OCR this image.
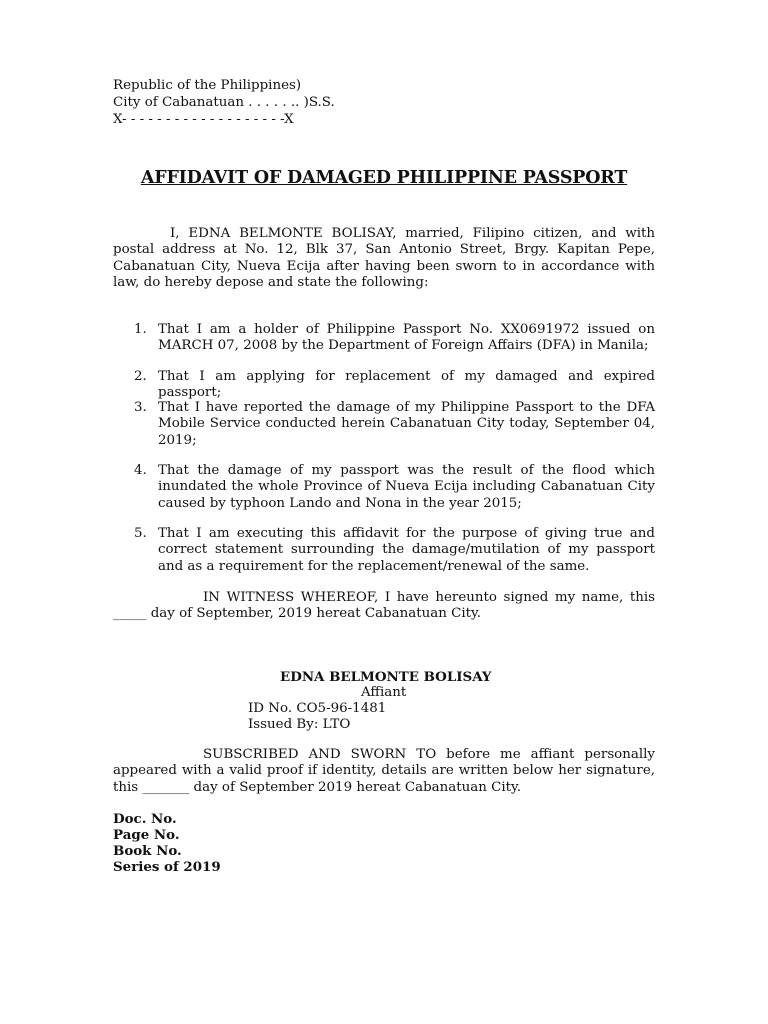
Republic of the Philippines)
City of Cabanatuan . . . . . .. )S.S.
X- - - - - - - - - - - - - - - - - - -X
AFFIDAVIT OF DAMAGED PHILIPPINE PASSPORT
I, EDNA BELMONTE BOLISAY, married, Filipino citizen, and with postal address at No. 12, Blk 37, San Antonio Street, Brgy. Kapitan Pepe, Cabanatuan City, Nueva Ecija after having been sworn to in accordance with law, do hereby depose and state the following:
1. That I am a holder of Philippine Passport No. XX0691972 issued on MARCH 07, 2008 by the Department of Foreign Affairs (DFA) in Manila;
2. That I am applying for replacement of my damaged and expired passport;
3. That I have reported the damage of my Philippine Passport to the DFA Mobile Service conducted herein Cabanatuan City today, September 04, 2019;
4. That the damage of my passport was the result of the flood which inundated the whole Province of Nueva Ecija including Cabanatuan City caused by typhoon Lando and Nona in the year 2015;
5. That I am executing this affidavit for the purpose of giving true and correct statement surrounding the damage/mutilation of my passport and as a requirement for the replacement/renewal of the same.
IN WITNESS WHEREOF, I have hereunto signed my name, this _____ day of September, 2019 hereat Cabanatuan City.
EDNA BELMONTE BOLISAY
Affiant
ID No. CO5-96-1481
Issued By: LTO
SUBSCRIBED AND SWORN TO before me affiant personally appeared with a valid proof if identity, details are written below her signature, this _______ day of September 2019 hereat Cabanatuan City.
Doc. No.
Page No.
Book No.
Series of 2019
